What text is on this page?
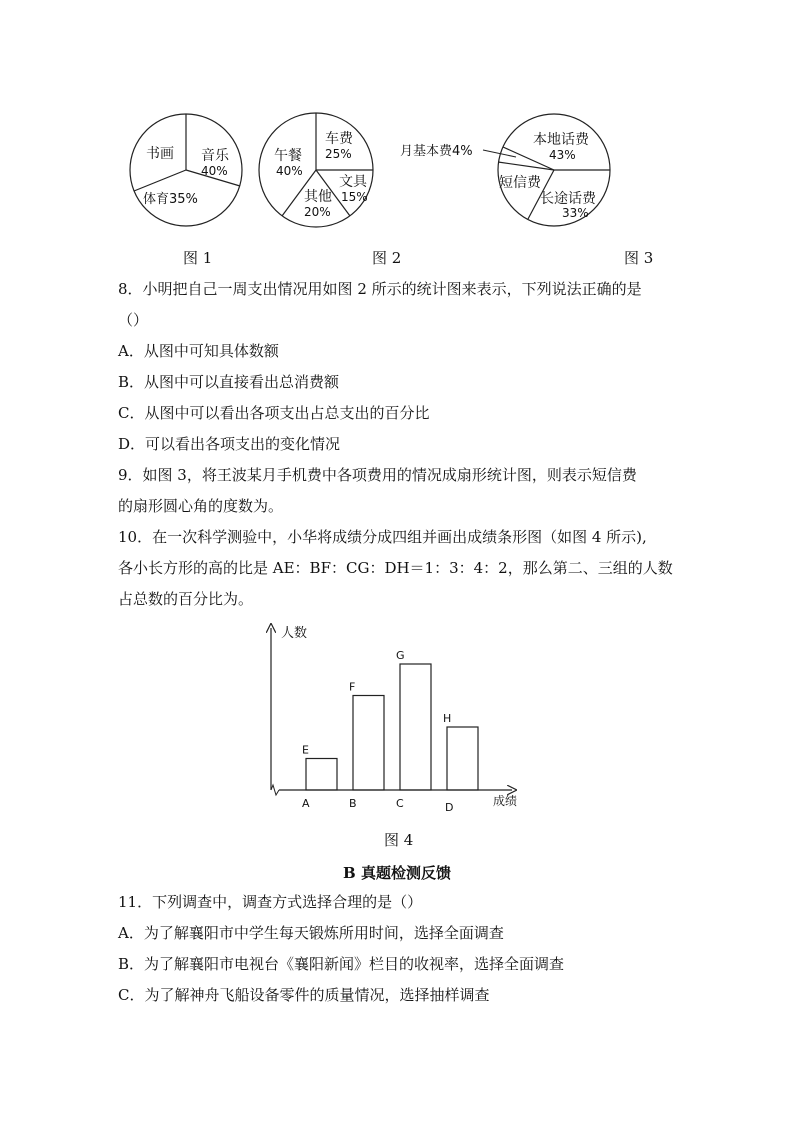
书画 音乐
40%
体育35%
车费
25%
午餐
40%
文具
15%
其他
20%
月基本费4%
本地话费
43%
短信费
长途话费
33%
图 1	图 2	图 3
8．小明把自己一周支出情况用如图 2 所示的统计图来表示，下列说法正确的是
（）
A．从图中可知具体数额
B．从图中可以直接看出总消费额
C．从图中可以看出各项支出占总支出的百分比
D．可以看出各项支出的变化情况
9．如图 3，将王波某月手机费中各项费用的情况成扇形统计图，则表示短信费
的扇形圆心角的度数为。
10．在一次科学测验中，小华将成绩分成四组并画出成绩条形图（如图 4 所示),
各小长方形的高的比是 AE：BF：CG：DH＝1：3：4：2，那么第二、三组的人数
占总数的百分比为。
人数
成绩
E
A
F
B
G
C
H
D
图 4
B 真题检测反馈
11．下列调查中，调查方式选择合理的是（）
A．为了解襄阳市中学生每天锻炼所用时间，选择全面调查
B．为了解襄阳市电视台《襄阳新闻》栏目的收视率，选择全面调查
C．为了解神舟飞船设备零件的质量情况，选择抽样调查
